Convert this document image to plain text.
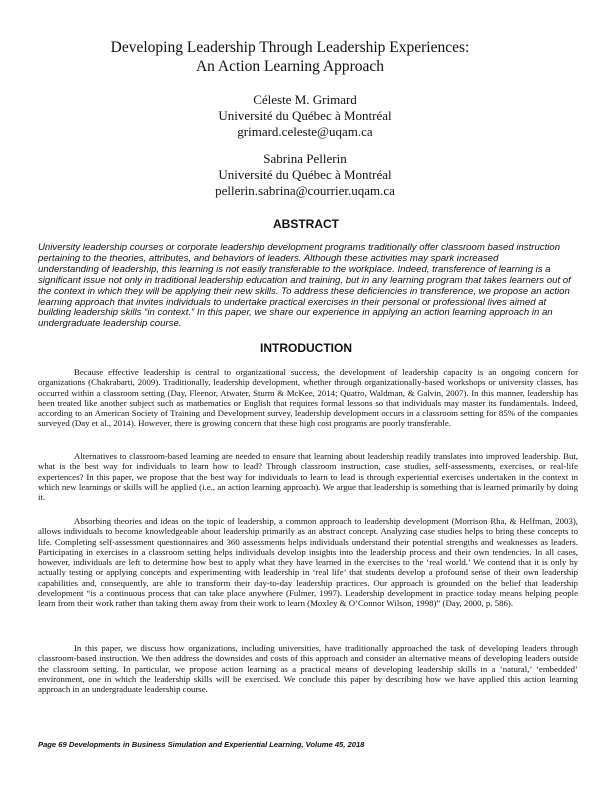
Developing Leadership Through Leadership Experiences:
An Action Learning Approach
Céleste M. Grimard
Université du Québec à Montréal
grimard.celeste@uqam.ca
Sabrina Pellerin
Université du Québec à Montréal
pellerin.sabrina@courrier.uqam.ca
ABSTRACT
University leadership courses or corporate leadership development programs traditionally offer classroom based instruction
pertaining to the theories, attributes, and behaviors of leaders. Although these activities may spark increased
understanding of leadership, this learning is not easily transferable to the workplace. Indeed, transference of learning is a
significant issue not only in traditional leadership education and training, but in any learning program that takes learners out of
the context in which they will be applying their new skills. To address these deficiencies in transference, we propose an action
learning approach that invites individuals to undertake practical exercises in their personal or professional lives aimed at
building leadership skills “in context.” In this paper, we share our experience in applying an action learning approach in an
undergraduate leadership course.
INTRODUCTION
Because effective leadership is central to organizational success, the development of leadership capacity is an ongoing concern for organizations (Chakrabarti, 2009). Traditionally, leadership development, whether through organizationally-based workshops or university classes, has occurred within a classroom setting (Day, Fleenor, Atwater, Sturm & McKee, 2014; Quatro, Waldman, & Galvin, 2007). In this manner, leadership has been treated like another subject such as mathematics or English that requires formal lessons so that individuals may master its fundamentals. Indeed, according to an American Society of Training and Development survey, leadership development occurs in a classroom setting for 85% of the companies surveyed (Day et al., 2014). However, there is growing concern that these high cost programs are poorly transferable.
Alternatives to classroom-based learning are needed to ensure that learning about leadership readily translates into improved leadership. But, what is the best way for individuals to learn how to lead? Through classroom instruction, case studies, self-assessments, exercises, or real-life experiences? In this paper, we propose that the best way for individuals to learn to lead is through experiential exercises undertaken in the context in which new learnings or skills will be applied (i.e., an action learning approach). We argue that leadership is something that is learned primarily by doing it.
Absorbing theories and ideas on the topic of leadership, a common approach to leadership development (Morrison Rha, & Helfman, 2003), allows individuals to become knowledgeable about leadership primarily as an abstract concept. Analyzing case studies helps to bring these concepts to life. Completing self-assessment questionnaires and 360 assessments helps individuals understand their potential strengths and weaknesses as leaders. Participating in exercises in a classroom setting helps individuals develop insights into the leadership process and their own tendencies. In all cases, however, individuals are left to determine how best to apply what they have learned in the exercises to the ‘real world.’ We contend that it is only by actually testing or applying concepts and experimenting with leadership in ‘real life’ that students develop a profound sense of their own leadership capabilities and, consequently, are able to transform their day-to-day leadership practices. Our approach is grounded on the belief that leadership development “is a continuous process that can take place anywhere (Fulmer, 1997). Leadership development in practice today means helping people learn from their work rather than taking them away from their work to learn (Moxley & O’Connor Wilson, 1998)” (Day, 2000, p. 586).
In this paper, we discuss how organizations, including universities, have traditionally approached the task of developing leaders through classroom-based instruction. We then address the downsides and costs of this approach and consider an alternative means of developing leaders outside the classroom setting. In particular, we propose action learning as a practical means of developing leadership skills in a ‘natural,’ ‘embedded’ environment, one in which the leadership skills will be exercised. We conclude this paper by describing how we have applied this action learning approach in an undergraduate leadership course.
Page 69 Developments in Business Simulation and Experiential Learning, Volume 45, 2018
